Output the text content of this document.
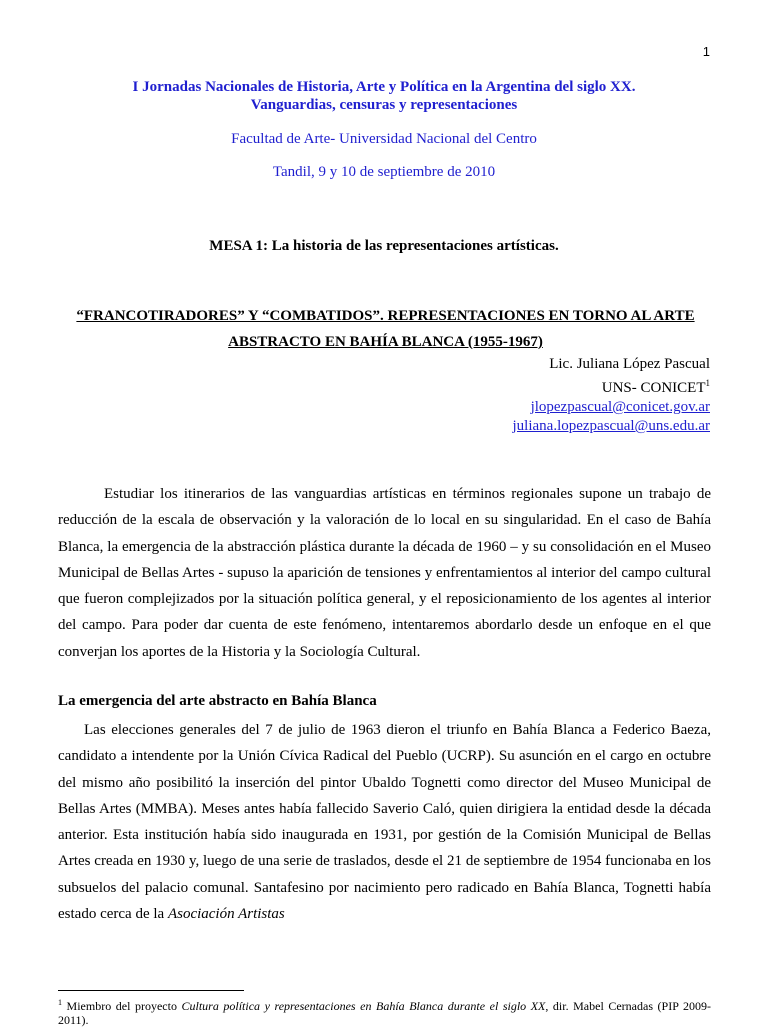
1
I Jornadas Nacionales de Historia, Arte y Política en la Argentina del siglo XX.
Vanguardias, censuras y representaciones
Facultad de Arte- Universidad Nacional del Centro
Tandil, 9 y 10 de septiembre de 2010
MESA 1: La historia de las representaciones artísticas.
“FRANCOTIRADORES” Y “COMBATIDOS”. REPRESENTACIONES EN TORNO AL ARTE
ABSTRACTO EN BAHÍA BLANCA (1955-1967)
Lic. Juliana López Pascual
UNS- CONICET$^1$
jlopezpascual@conicet.gov.ar
juliana.lopezpascual@uns.edu.ar
Estudiar los itinerarios de las vanguardias artísticas en términos regionales supone un trabajo de reducción de la escala de observación y la valoración de lo local en su singularidad. En el caso de Bahía Blanca, la emergencia de la abstracción plástica durante la década de 1960 – y su consolidación en el Museo Municipal de Bellas Artes - supuso la aparición de tensiones y enfrentamientos al interior del campo cultural que fueron complejizados por la situación política general, y el reposicionamiento de los agentes al interior del campo. Para poder dar cuenta de este fenómeno, intentaremos abordarlo desde un enfoque en el que converjan los aportes de la Historia y la Sociología Cultural.
La emergencia del arte abstracto en Bahía Blanca
Las elecciones generales del 7 de julio de 1963 dieron el triunfo en Bahía Blanca a Federico Baeza, candidato a intendente por la Unión Cívica Radical del Pueblo (UCRP). Su asunción en el cargo en octubre del mismo año posibilitó la inserción del pintor Ubaldo Tognetti como director del Museo Municipal de Bellas Artes (MMBA). Meses antes había fallecido Saverio Caló, quien dirigiera la entidad desde la década anterior. Esta institución había sido inaugurada en 1931, por gestión de la Comisión Municipal de Bellas Artes creada en 1930 y, luego de una serie de traslados, desde el 21 de septiembre de 1954 funcionaba en los subsuelos del palacio comunal. Santafesino por nacimiento pero radicado en Bahía Blanca, Tognetti había estado cerca de la Asociación Artistas
$^1$ Miembro del proyecto Cultura política y representaciones en Bahía Blanca durante el siglo XX, dir. Mabel Cernadas (PIP 2009-2011).
